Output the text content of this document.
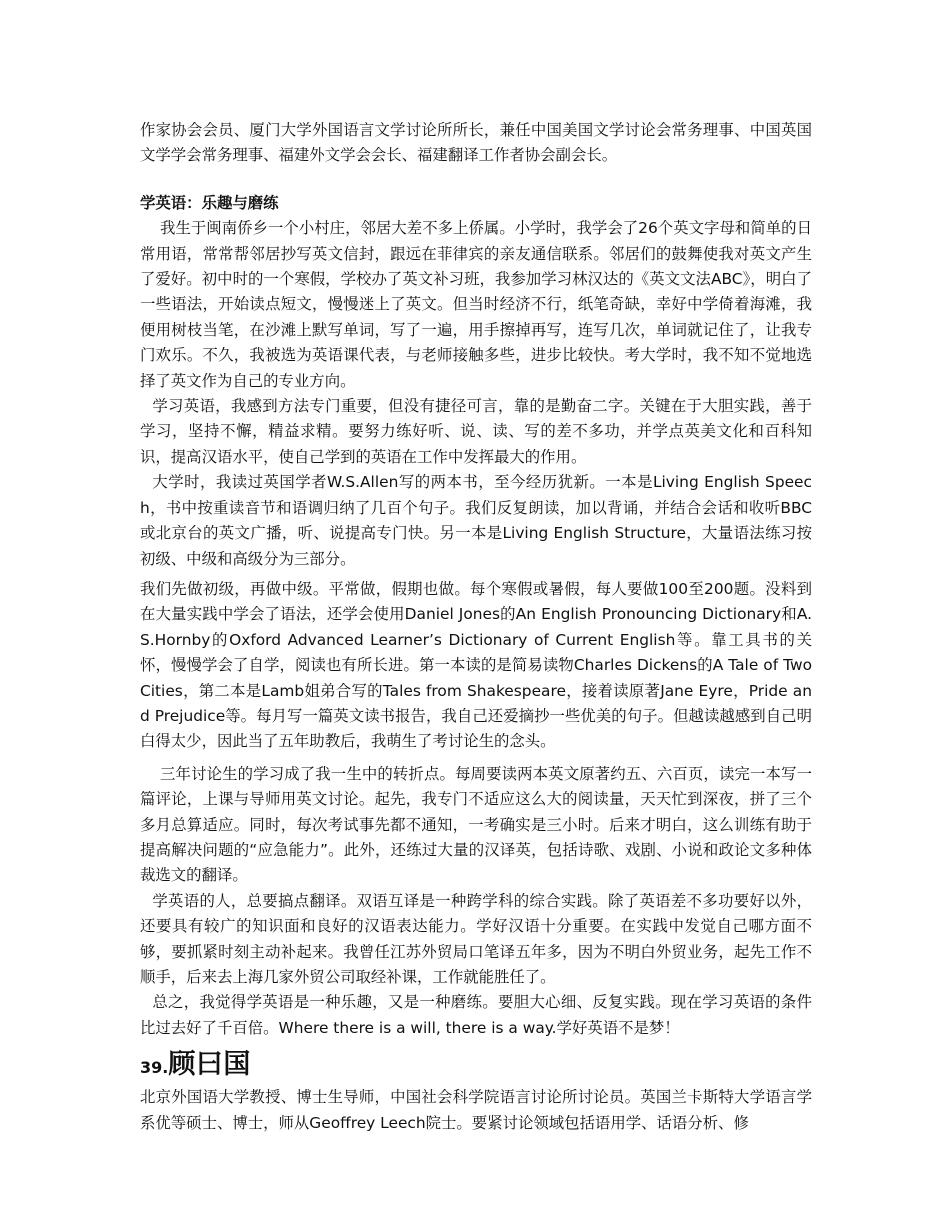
作家协会会员、厦门大学外国语言文学讨论所所长，兼任中国美国文学讨论会常务理事、中国英国文学学会常务理事、福建外文学会会长、福建翻译工作者协会副会长。

学英语：乐趣与磨练

我生于闽南侨乡一个小村庄，邻居大差不多上侨属。小学时，我学会了26个英文字母和简单的日常用语，常常帮邻居抄写英文信封，跟远在菲律宾的亲友通信联系。邻居们的鼓舞使我对英文产生了爱好。初中时的一个寒假，学校办了英文补习班，我参加学习林汉达的《英文文法ABC》，明白了一些语法，开始读点短文，慢慢迷上了英文。但当时经济不行，纸笔奇缺，幸好中学倚着海滩，我便用树枝当笔，在沙滩上默写单词，写了一遍，用手擦掉再写，连写几次，单词就记住了，让我专门欢乐。不久，我被选为英语课代表，与老师接触多些，进步比较快。考大学时，我不知不觉地选择了英文作为自己的专业方向。

学习英语，我感到方法专门重要，但没有捷径可言，靠的是勤奋二字。关键在于大胆实践，善于学习，坚持不懈，精益求精。要努力练好听、说、读、写的差不多功，并学点英美文化和百科知识，提高汉语水平，使自己学到的英语在工作中发挥最大的作用。

大学时，我读过英国学者W.S.Allen写的两本书，至今经历犹新。一本是Living English Speech，书中按重读音节和语调归纳了几百个句子。我们反复朗读，加以背诵，并结合会话和收听BBC或北京台的英文广播，听、说提高专门快。另一本是Living English Structure，大量语法练习按初级、中级和高级分为三部分。

我们先做初级，再做中级。平常做，假期也做。每个寒假或暑假，每人要做100至200题。没料到在大量实践中学会了语法，还学会使用Daniel Jones的An English Pronouncing Dictionary和A.S.Hornby的Oxford Advanced Learner’s Dictionary of Current English等。靠工具书的关怀，慢慢学会了自学，阅读也有所长进。第一本读的是简易读物Charles Dickens的A Tale of Two Cities，第二本是Lamb姐弟合写的Tales from Shakespeare，接着读原著Jane Eyre，Pride and Prejudice等。每月写一篇英文读书报告，我自己还爱摘抄一些优美的句子。但越读越感到自己明白得太少，因此当了五年助教后，我萌生了考讨论生的念头。

三年讨论生的学习成了我一生中的转折点。每周要读两本英文原著约五、六百页，读完一本写一篇评论，上课与导师用英文讨论。起先，我专门不适应这么大的阅读量，天天忙到深夜，拼了三个多月总算适应。同时，每次考试事先都不通知，一考确实是三小时。后来才明白，这么训练有助于提高解决问题的“应急能力”。此外，还练过大量的汉译英，包括诗歌、戏剧、小说和政论文多种体裁选文的翻译。

学英语的人，总要搞点翻译。双语互译是一种跨学科的综合实践。除了英语差不多功要好以外，还要具有较广的知识面和良好的汉语表达能力。学好汉语十分重要。在实践中发觉自己哪方面不够，要抓紧时刻主动补起来。我曾任江苏外贸局口笔译五年多，因为不明白外贸业务，起先工作不顺手，后来去上海几家外贸公司取经补课，工作就能胜任了。

总之，我觉得学英语是一种乐趣，又是一种磨练。要胆大心细、反复实践。现在学习英语的条件比过去好了千百倍。Where there is a will, there is a way.学好英语不是梦！

39.顾曰国

北京外国语大学教授、博士生导师，中国社会科学院语言讨论所讨论员。英国兰卡斯特大学语言学系优等硕士、博士，师从Geoffrey Leech院士。要紧讨论领域包括语用学、话语分析、修
